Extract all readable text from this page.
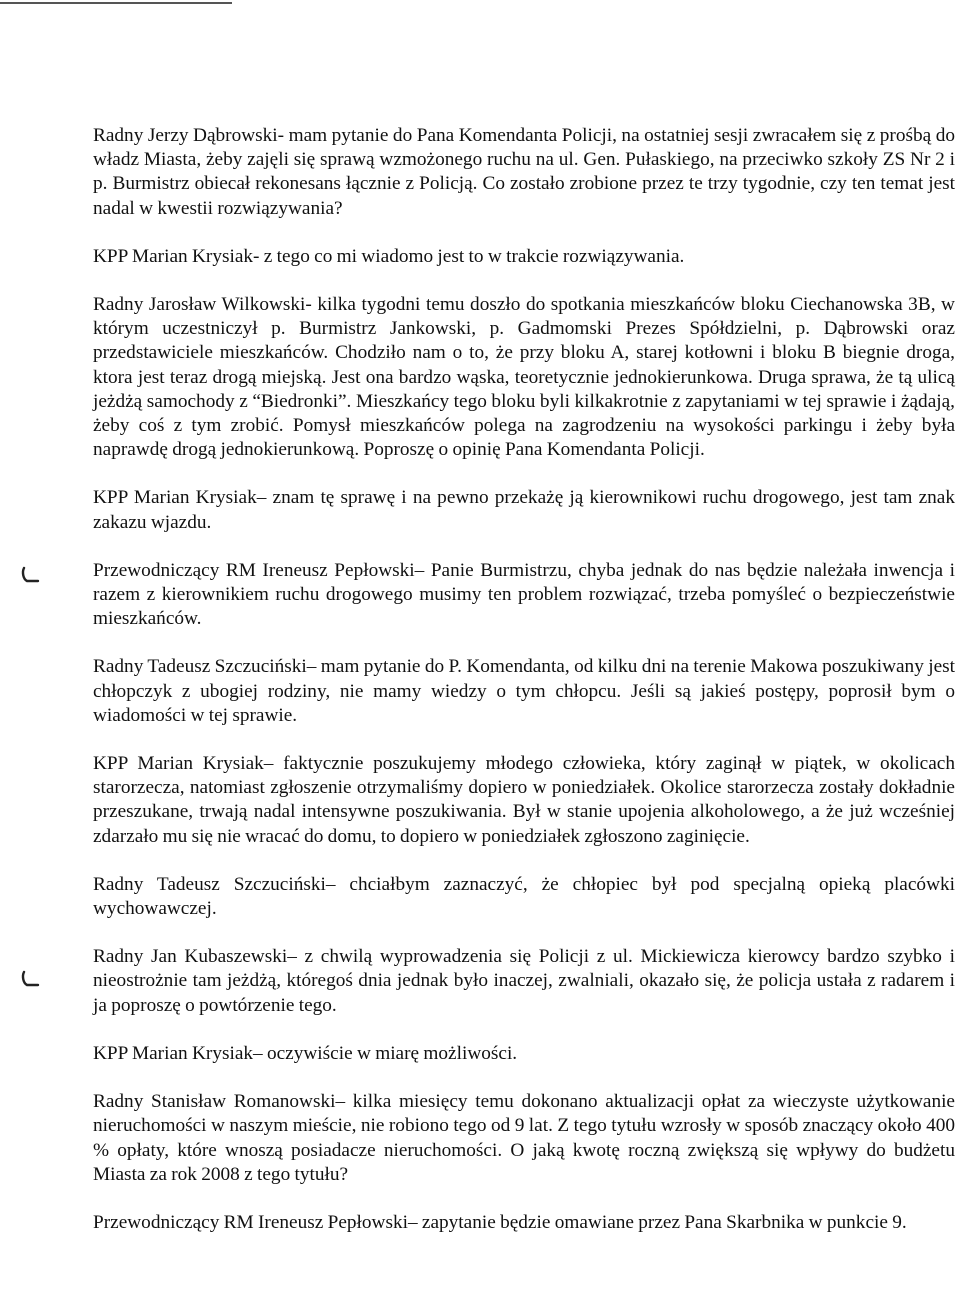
Radny Jerzy Dąbrowski- mam pytanie do Pana Komendanta Policji, na ostatniej sesji zwracałem się z prośbą do władz Miasta, żeby zajęli się sprawą wzmożonego ruchu na ul. Gen. Pułaskiego, na przeciwko szkoły ZS Nr 2 i p. Burmistrz obiecał rekonesans łącznie z Policją. Co zostało zrobione przez te trzy tygodnie, czy ten temat jest nadal w kwestii rozwiązywania?

KPP Marian Krysiak- z tego co mi wiadomo jest to w trakcie rozwiązywania.

Radny Jarosław Wilkowski- kilka tygodni temu doszło do spotkania mieszkańców bloku Ciechanowska 3B, w którym uczestniczył p. Burmistrz Jankowski, p. Gadmomski Prezes Spółdzielni, p. Dąbrowski oraz przedstawiciele mieszkańców. Chodziło nam o to, że przy bloku A, starej kotłowni i bloku B biegnie droga, ktora jest teraz drogą miejską. Jest ona bardzo wąska, teoretycznie jednokierunkowa. Druga sprawa, że tą ulicą jeżdżą samochody z “Biedronki”. Mieszkańcy tego bloku byli kilkakrotnie z zapytaniami w tej sprawie i żądają, żeby coś z tym zrobić. Pomysł mieszkańców polega na zagrodzeniu na wysokości parkingu i żeby była naprawdę drogą jednokierunkową. Poproszę o opinię Pana Komendanta Policji.

KPP Marian Krysiak– znam tę sprawę i na pewno przekażę ją kierownikowi ruchu drogowego, jest tam znak zakazu wjazdu.

Przewodniczący RM Ireneusz Pepłowski– Panie Burmistrzu, chyba jednak do nas będzie należała inwencja i razem z kierownikiem ruchu drogowego musimy ten problem rozwiązać, trzeba pomyśleć o bezpieczeństwie mieszkańców.

Radny Tadeusz Szczuciński– mam pytanie do P. Komendanta, od kilku dni na terenie Makowa poszukiwany jest chłopczyk z ubogiej rodziny, nie mamy wiedzy o tym chłopcu. Jeśli są jakieś postępy, poprosił bym o wiadomości w tej sprawie.

KPP Marian Krysiak– faktycznie poszukujemy młodego człowieka, który zaginął w piątek, w okolicach starorzecza, natomiast zgłoszenie otrzymaliśmy dopiero w poniedziałek. Okolice starorzecza zostały dokładnie przeszukane, trwają nadal intensywne poszukiwania. Był w stanie upojenia alkoholowego, a że już wcześniej zdarzało mu się nie wracać do domu, to dopiero w poniedziałek zgłoszono zaginięcie.

Radny Tadeusz Szczuciński– chciałbym zaznaczyć, że chłopiec był pod specjalną opieką placówki wychowawczej.

Radny Jan Kubaszewski– z chwilą wyprowadzenia się Policji z ul. Mickiewicza kierowcy bardzo szybko i nieostrożnie tam jeżdżą, któregoś dnia jednak było inaczej, zwalniali, okazało się, że policja ustała z radarem i ja poproszę o powtórzenie tego.

KPP Marian Krysiak– oczywiście w miarę możliwości.

Radny Stanisław Romanowski– kilka miesięcy temu dokonano aktualizacji opłat za wieczyste użytkowanie nieruchomości w naszym mieście, nie robiono tego od 9 lat. Z tego tytułu wzrosły w sposób znaczący około 400 % opłaty, które wnoszą posiadacze nieruchomości. O jaką kwotę roczną zwiększą się wpływy do budżetu Miasta za rok 2008 z tego tytułu?

Przewodniczący RM Ireneusz Pepłowski– zapytanie będzie omawiane przez Pana Skarbnika w punkcie 9.
